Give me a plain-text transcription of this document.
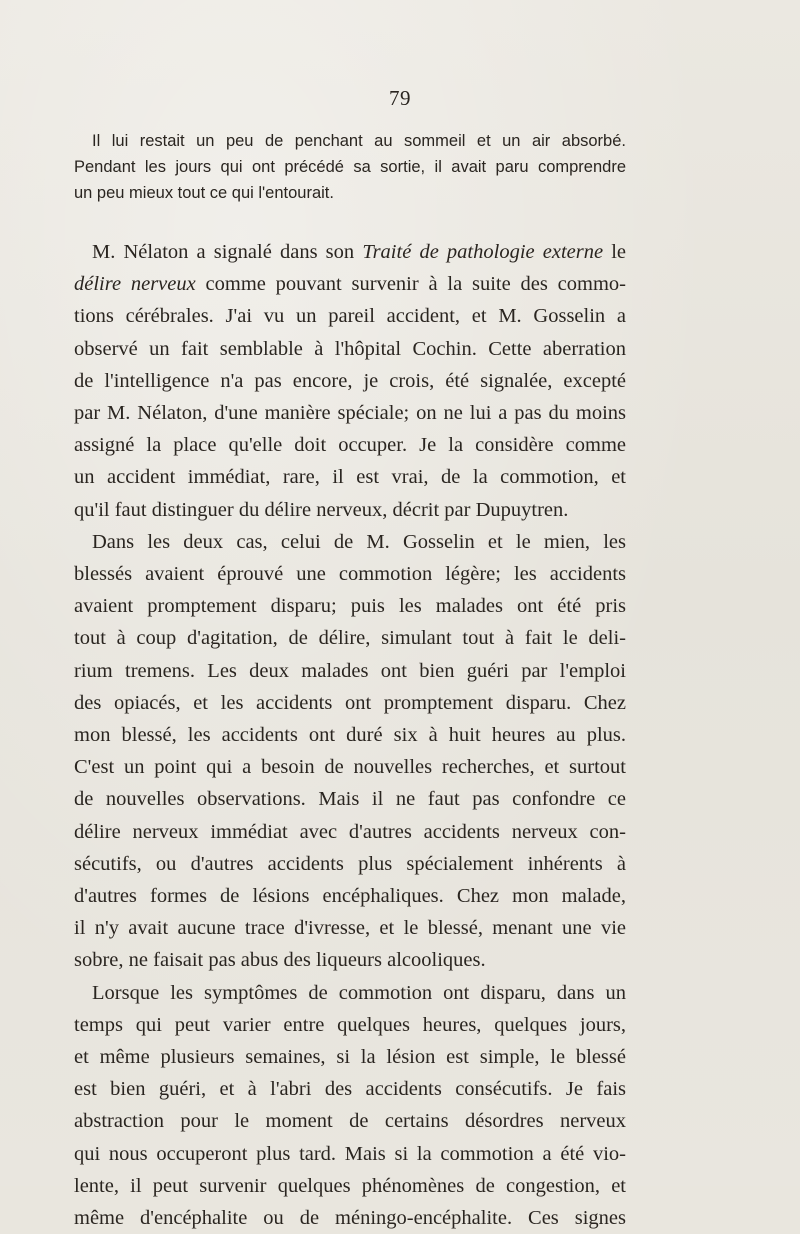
79

Il lui restait un peu de penchant au sommeil et un air absorbé.
Pendant les jours qui ont précédé sa sortie, il avait paru comprendre
un peu mieux tout ce qui l'entourait.

M. Nélaton a signalé dans son Traité de pathologie externe le
délire nerveux comme pouvant survenir à la suite des commo-
tions cérébrales. J'ai vu un pareil accident, et M. Gosselin a
observé un fait semblable à l'hôpital Cochin. Cette aberration
de l'intelligence n'a pas encore, je crois, été signalée, excepté
par M. Nélaton, d'une manière spéciale; on ne lui a pas du moins
assigné la place qu'elle doit occuper. Je la considère comme
un accident immédiat, rare, il est vrai, de la commotion, et
qu'il faut distinguer du délire nerveux, décrit par Dupuytren.

Dans les deux cas, celui de M. Gosselin et le mien, les
blessés avaient éprouvé une commotion légère; les accidents
avaient promptement disparu; puis les malades ont été pris
tout à coup d'agitation, de délire, simulant tout à fait le deli-
rium tremens. Les deux malades ont bien guéri par l'emploi
des opiacés, et les accidents ont promptement disparu. Chez
mon blessé, les accidents ont duré six à huit heures au plus.
C'est un point qui a besoin de nouvelles recherches, et surtout
de nouvelles observations. Mais il ne faut pas confondre ce
délire nerveux immédiat avec d'autres accidents nerveux con-
sécutifs, ou d'autres accidents plus spécialement inhérents à
d'autres formes de lésions encéphaliques. Chez mon malade,
il n'y avait aucune trace d'ivresse, et le blessé, menant une vie
sobre, ne faisait pas abus des liqueurs alcooliques.

Lorsque les symptômes de commotion ont disparu, dans un
temps qui peut varier entre quelques heures, quelques jours,
et même plusieurs semaines, si la lésion est simple, le blessé
est bien guéri, et à l'abri des accidents consécutifs. Je fais
abstraction pour le moment de certains désordres nerveux
qui nous occuperont plus tard. Mais si la commotion a été vio-
lente, il peut survenir quelques phénomènes de congestion, et
même d'encéphalite ou de méningo-encéphalite. Ces signes
